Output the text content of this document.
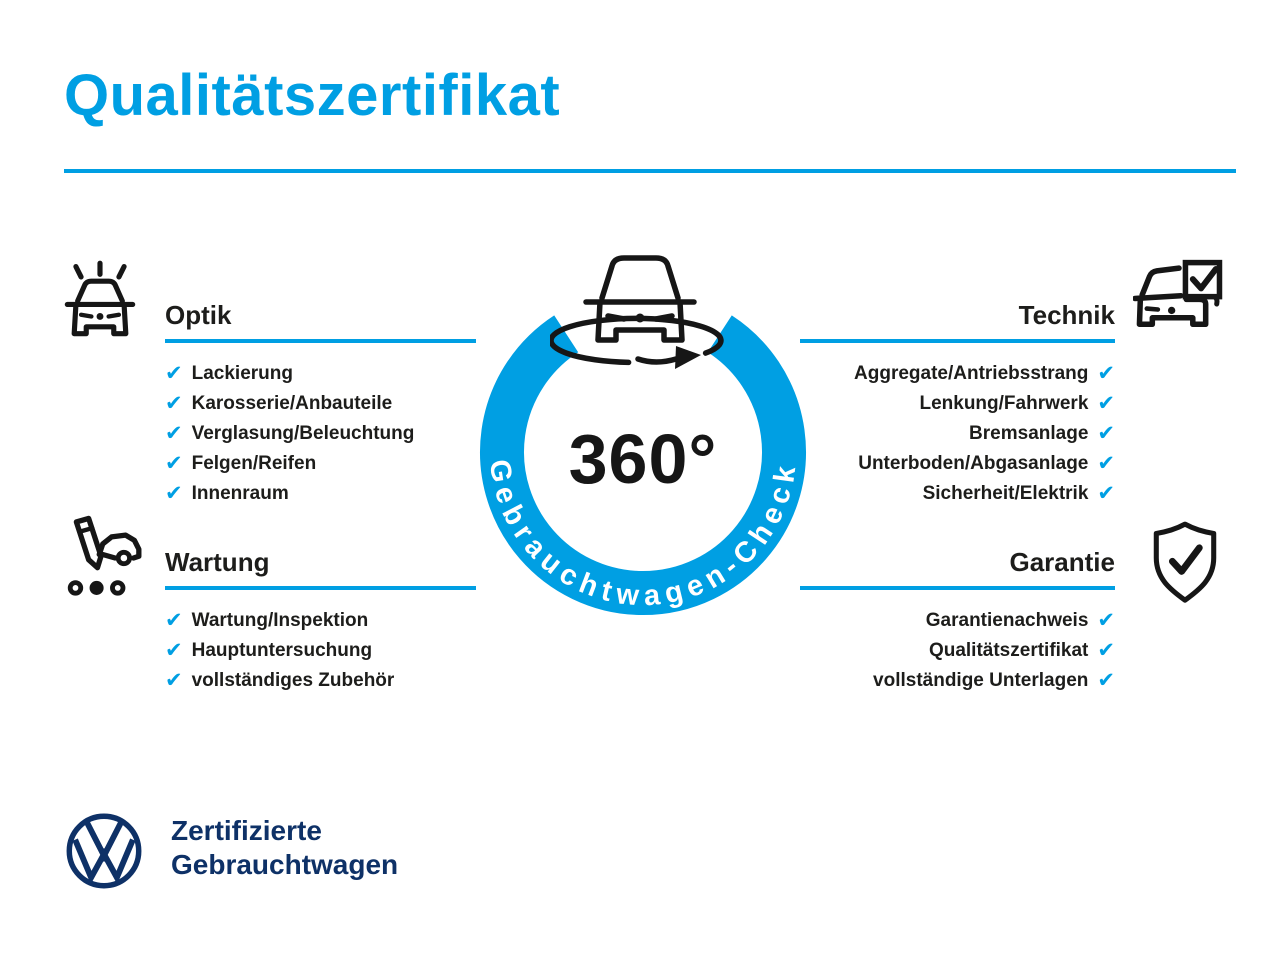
Qualitätszertifikat
Gebrauchtwagen-Check
360°
Optik
✔ Lackierung
✔ Karosserie/Anbauteile
✔ Verglasung/Beleuchtung
✔ Felgen/Reifen
✔ Innenraum
Wartung
✔ Wartung/Inspektion
✔ Hauptuntersuchung
✔ vollständiges Zubehör
Technik
Aggregate/Antriebsstrang ✔
Lenkung/Fahrwerk ✔
Bremsanlage ✔
Unterboden/Abgasanlage ✔
Sicherheit/Elektrik ✔
Garantie
Garantienachweis ✔
Qualitätszertifikat ✔
vollständige Unterlagen ✔
Zertifizierte
Gebrauchtwagen
